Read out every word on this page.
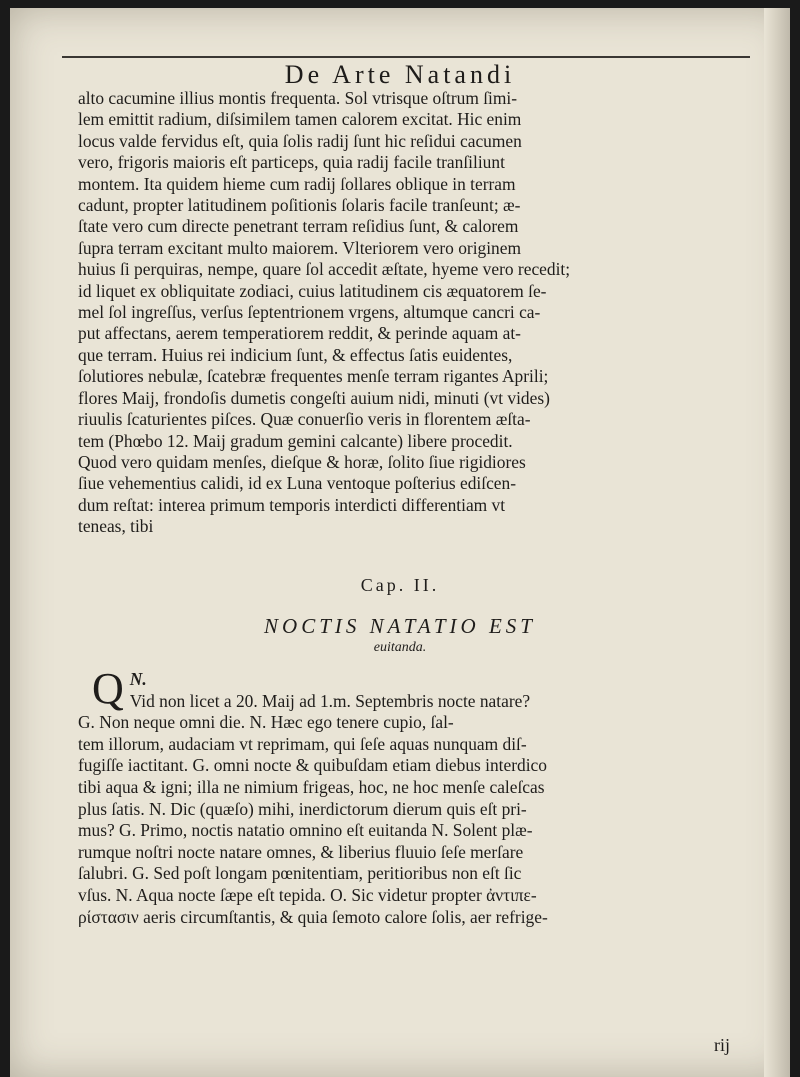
De Arte Natandi
alto cacumine illius montis frequenta. Sol vtrisque oſtrum ſimi-
lem emittit radium, diſsimilem tamen calorem excitat. Hic enim
locus valde fervidus eſt, quia ſolis radij ſunt hic reſidui cacumen
vero, frigoris maioris eſt particeps, quia radij facile tranſiliunt
montem. Ita quidem hieme cum radij ſollares oblique in terram
cadunt, propter latitudinem poſitionis ſolaris facile tranſeunt; æ-
ſtate vero cum directe penetrant terram reſidius ſunt, & calorem
ſupra terram excitant multo maiorem. Vlteriorem vero originem
huius ſi perquiras, nempe, quare ſol accedit æſtate, hyeme vero recedit;
id liquet ex obliquitate zodiaci, cuius latitudinem cis æquatorem ſe-
mel ſol ingreſſus, verſus ſeptentrionem vrgens, altumque cancri ca-
put affectans, aerem temperatiorem reddit, & perinde aquam at-
que terram. Huius rei indicium ſunt, & effectus ſatis euidentes,
ſolutiores nebulæ, ſcatebræ frequentes menſe terram rigantes Aprili;
flores Maij, frondoſis dumetis congeſti auium nidi, minuti (vt vides)
riuulis ſcaturientes piſces. Quæ conuerſio veris in florentem æſta-
tem (Phœbo 12. Maij gradum gemini calcante) libere procedit.
Quod vero quidam menſes, dieſque & horæ, ſolito ſiue rigidiores
ſiue vehementius calidi, id ex Luna ventoque poſterius ediſcen-
dum reſtat: interea primum temporis interdicti differentiam vt
teneas, tibi
Cap. II.
NOCTIS NATATIO EST
euitanda.
N.
Q Vid non licet a 20. Maij ad 1.m. Septembris nocte natare?
G. Non neque omni die. N. Hæc ego tenere cupio, ſal-
tem illorum, audaciam vt reprimam, qui ſeſe aquas nunquam diſ-
fugiſſe iactitant. G. omni nocte & quibuſdam etiam diebus interdico
tibi aqua & igni; illa ne nimium frigeas, hoc, ne hoc menſe caleſcas
plus ſatis. N. Dic (quæſo) mihi, inerdictorum dierum quis eſt pri-
mus? G. Primo, noctis natatio omnino eſt euitanda N. Solent plæ-
rumque noſtri nocte natare omnes, & liberius fluuio ſeſe merſare
ſalubri. G. Sed poſt longam pœnitentiam, peritioribus non eſt ſic
vſus. N. Aqua nocte ſæpe eſt tepida. O. Sic videtur propter ἀντιπε-
ρίστασιν aeris circumſtantis, & quia ſemoto calore ſolis, aer refrige-
rij
